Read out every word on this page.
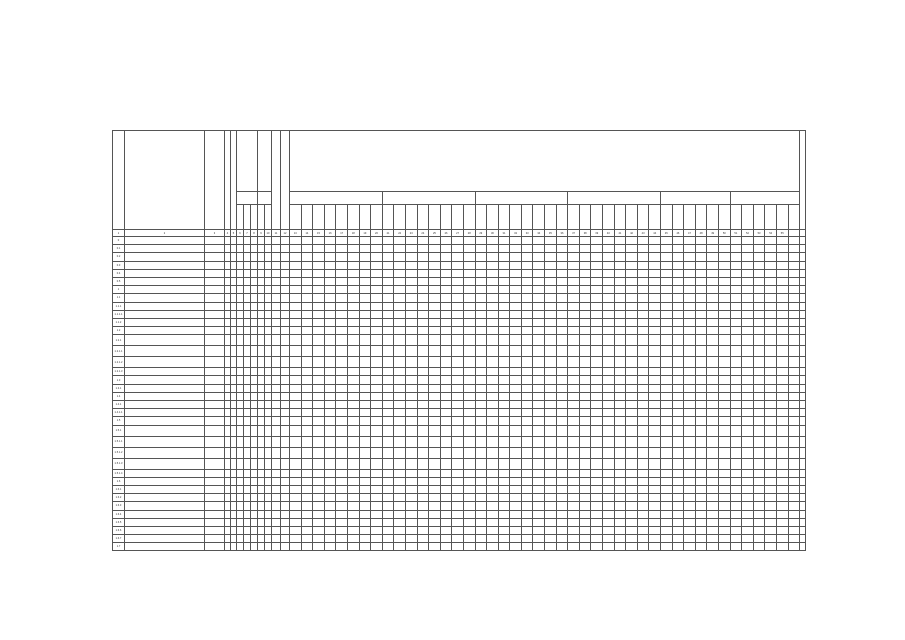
1	2	3	4	5	6	7	8	9	10	11	12	13	14	15	16	17	18	19	20	21	22	23	24	25	26	27	28	29	30	31	32	33	34	35	36	37	38	39	40	41	42	43	44	45	46	47	48	49	50	51	52	53	54	55		
0																																																								
0.1																																																								
0.2																																																								
0.3																																																								
0.4																																																								
0.5																																																								
1																																																								
1.1																																																								
1.1.1																																																								
1.1.1.1																																																								
1.1.2																																																								
1.2																																																								
1.2.1																																																								
1.2.1.1																																																								
1.2.1.2																																																								
1.2.1.3																																																								
1.3																																																								
1.3.1																																																								
1.4																																																								
1.4.1																																																								
1.4.1.1																																																								
1.5																																																								
1.5.1																																																								
1.5.1.1																																																								
1.5.1.2																																																								
1.5.1.3																																																								
1.5.1.4																																																								
1.6																																																								
1.6.1																																																								
1.6.2																																																								
1.6.3																																																								
1.6.4																																																								
1.6.5																																																								
1.6.6																																																								
1.6.7																																																								
1.7																																																								
